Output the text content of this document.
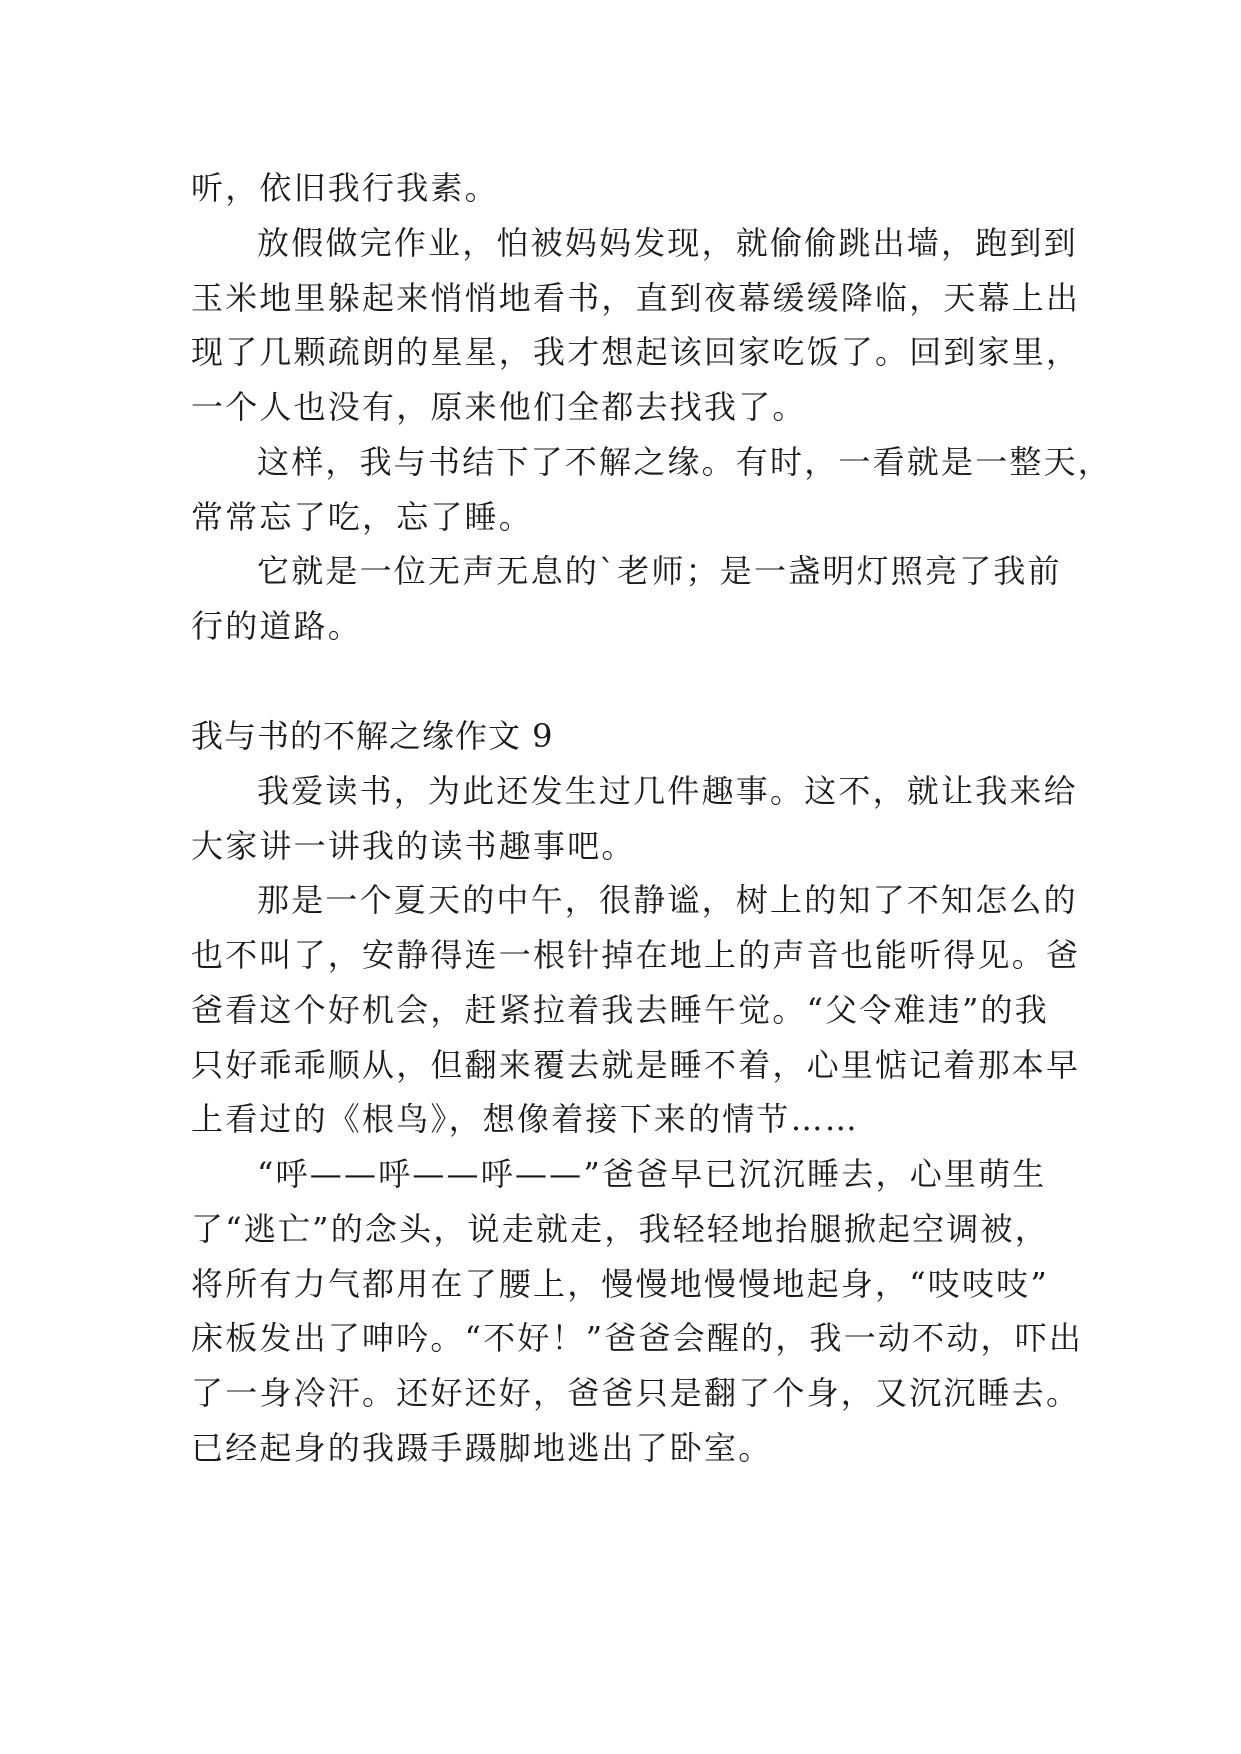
听，依旧我行我素。
放假做完作业，怕被妈妈发现，就偷偷跳出墙，跑到到
玉米地里躲起来悄悄地看书，直到夜幕缓缓降临，天幕上出
现了几颗疏朗的星星，我才想起该回家吃饭了。回到家里，
一个人也没有，原来他们全都去找我了。
这样，我与书结下了不解之缘。有时，一看就是一整天，
常常忘了吃，忘了睡。
它就是一位无声无息的`老师；是一盏明灯照亮了我前
行的道路。
我与书的不解之缘作文 9
我爱读书，为此还发生过几件趣事。这不，就让我来给
大家讲一讲我的读书趣事吧。
那是一个夏天的中午，很静谧，树上的知了不知怎么的
也不叫了，安静得连一根针掉在地上的声音也能听得见。爸
爸看这个好机会，赶紧拉着我去睡午觉。“父令难违”的我
只好乖乖顺从，但翻来覆去就是睡不着，心里惦记着那本早
上看过的《根鸟》，想像着接下来的情节……
“呼——呼——呼——”爸爸早已沉沉睡去，心里萌生
了“逃亡”的念头，说走就走，我轻轻地抬腿掀起空调被，
将所有力气都用在了腰上，慢慢地慢慢地起身，“吱吱吱”
床板发出了呻吟。“不好！”爸爸会醒的，我一动不动，吓出
了一身冷汗。还好还好，爸爸只是翻了个身，又沉沉睡去。
已经起身的我蹑手蹑脚地逃出了卧室。
